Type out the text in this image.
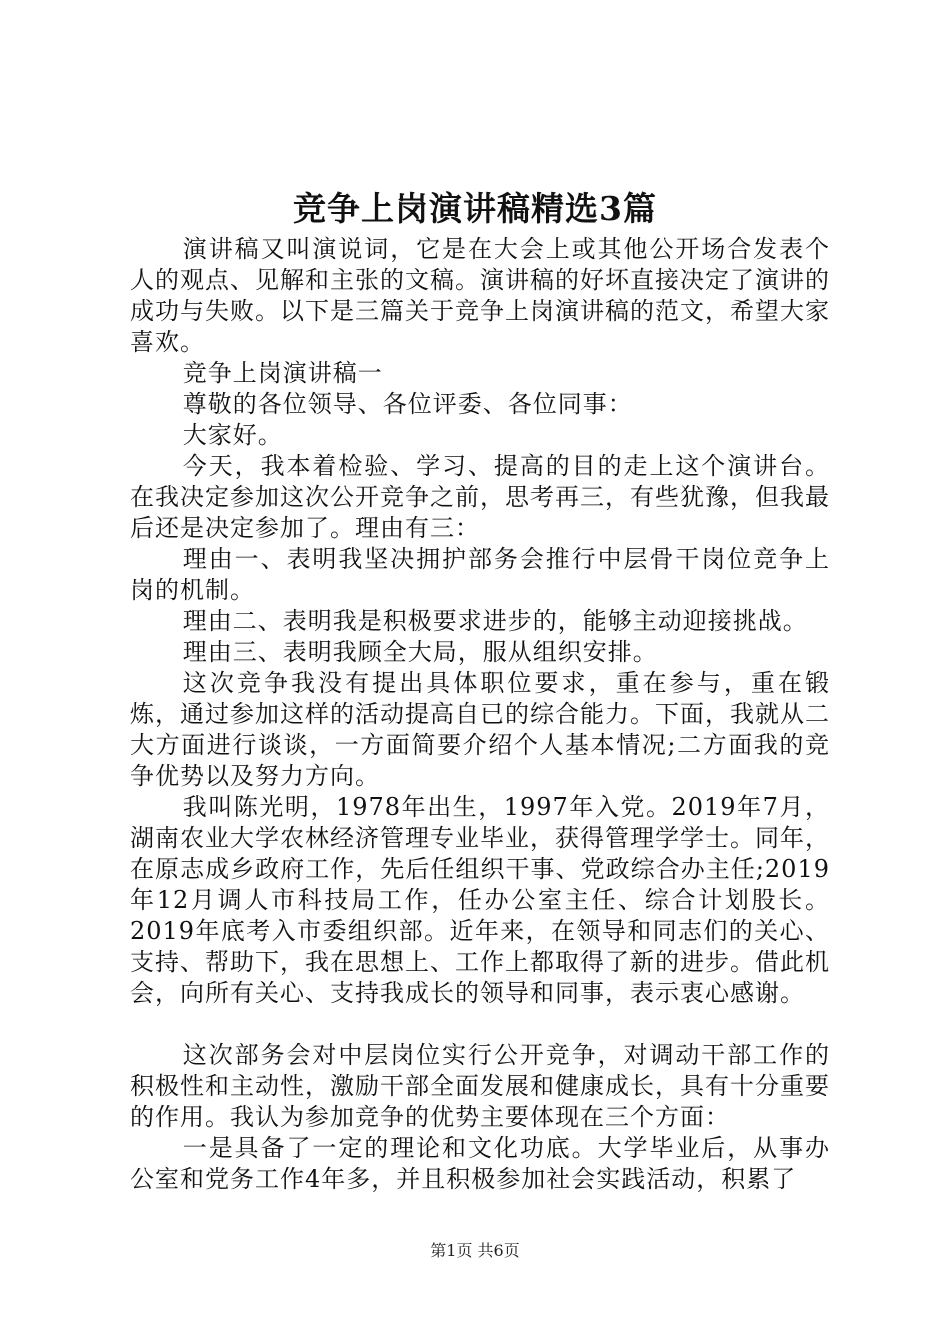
竞争上岗演讲稿精选3篇

演讲稿又叫演说词，它是在大会上或其他公开场合发表个人的观点、见解和主张的文稿。演讲稿的好坏直接决定了演讲的成功与失败。以下是三篇关于竞争上岗演讲稿的范文，希望大家喜欢。

竞争上岗演讲稿一

尊敬的各位领导、各位评委、各位同事：

大家好。

今天，我本着检验、学习、提高的目的走上这个演讲台。在我决定参加这次公开竞争之前，思考再三，有些犹豫，但我最后还是决定参加了。理由有三：

理由一、表明我坚决拥护部务会推行中层骨干岗位竞争上岗的机制。

理由二、表明我是积极要求进步的，能够主动迎接挑战。

理由三、表明我顾全大局，服从组织安排。

这次竞争我没有提出具体职位要求，重在参与，重在锻炼，通过参加这样的活动提高自已的综合能力。下面，我就从二大方面进行谈谈，一方面简要介绍个人基本情况;二方面我的竞争优势以及努力方向。

我叫陈光明，1978年出生，1997年入党。2019年7月，湖南农业大学农林经济管理专业毕业，获得管理学学士。同年，在原志成乡政府工作，先后任组织干事、党政综合办主任;2019年12月调人市科技局工作，任办公室主任、综合计划股长。2019年底考入市委组织部。近年来，在领导和同志们的关心、支持、帮助下，我在思想上、工作上都取得了新的进步。借此机会，向所有关心、支持我成长的领导和同事，表示衷心感谢。

这次部务会对中层岗位实行公开竞争，对调动干部工作的积极性和主动性，激励干部全面发展和健康成长，具有十分重要的作用。我认为参加竞争的优势主要体现在三个方面：

一是具备了一定的理论和文化功底。大学毕业后，从事办公室和党务工作4年多，并且积极参加社会实践活动，积累了

第1页 共6页
